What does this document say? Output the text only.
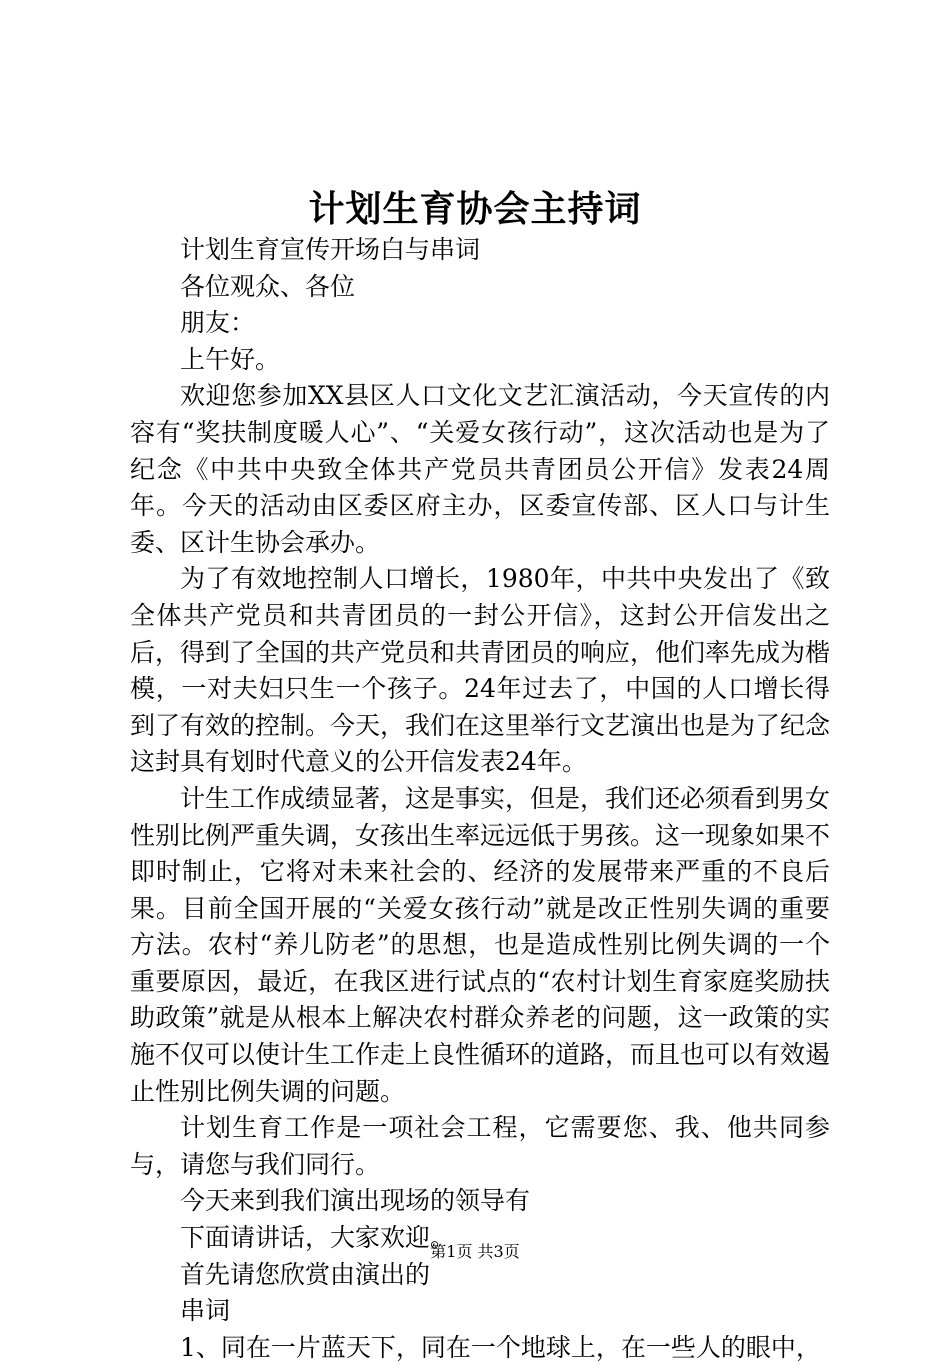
计划生育协会主持词

计划生育宣传开场白与串词

各位观众、各位

朋友：

上午好。

欢迎您参加XX县区人口文化文艺汇演活动，今天宣传的内容有“奖扶制度暖人心”、“关爱女孩行动”，这次活动也是为了纪念《中共中央致全体共产党员共青团员公开信》发表24周年。今天的活动由区委区府主办，区委宣传部、区人口与计生委、区计生协会承办。

为了有效地控制人口增长，1980年，中共中央发出了《致全体共产党员和共青团员的一封公开信》，这封公开信发出之后，得到了全国的共产党员和共青团员的响应，他们率先成为楷模，一对夫妇只生一个孩子。24年过去了，中国的人口增长得到了有效的控制。今天，我们在这里举行文艺演出也是为了纪念这封具有划时代意义的公开信发表24年。

计生工作成绩显著，这是事实，但是，我们还必须看到男女性别比例严重失调，女孩出生率远远低于男孩。这一现象如果不即时制止，它将对未来社会的、经济的发展带来严重的不良后果。目前全国开展的“关爱女孩行动”就是改正性别失调的重要方法。农村“养儿防老”的思想，也是造成性别比例失调的一个重要原因，最近，在我区进行试点的“农村计划生育家庭奖励扶助政策”就是从根本上解决农村群众养老的问题，这一政策的实施不仅可以使计生工作走上良性循环的道路，而且也可以有效遏止性别比例失调的问题。

计划生育工作是一项社会工程，它需要您、我、他共同参与，请您与我们同行。

今天来到我们演出现场的领导有

下面请讲话，大家欢迎。

首先请您欣赏由演出的

串词

1、同在一片蓝天下，同在一个地球上，在一些人的眼中，

第1页 共3页
